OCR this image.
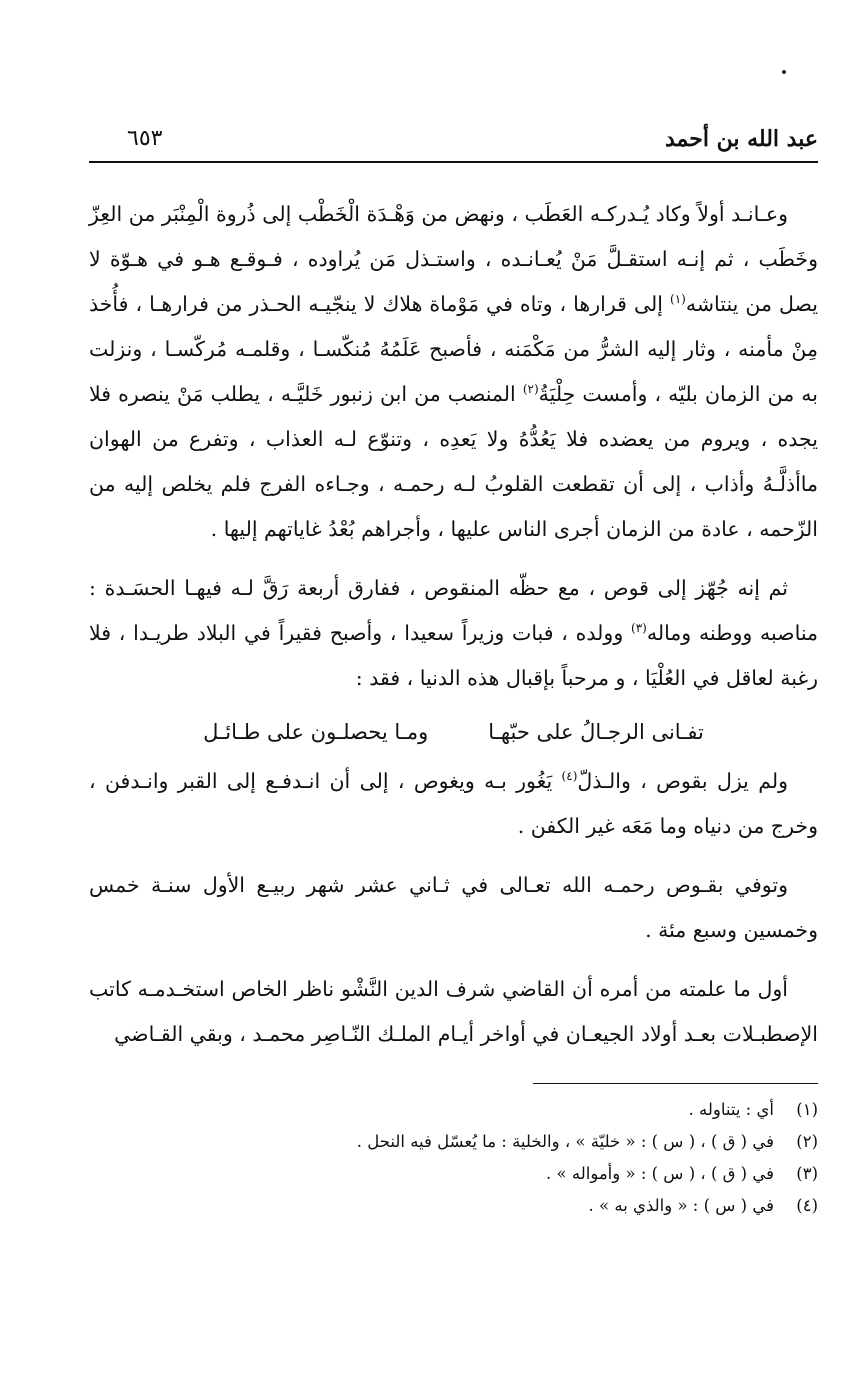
عبد الله بن أحمد
٦٥٣

وعـانـد أولاً وكاد يُـدركـه العَطَب ، ونهض من وَهْـدَة الْخَطْب إلى ذُروة الْمِنْبَر من العِزّ وخَطَب ، ثم إنـه استقـلَّ مَنْ يُعـانـده ، واستـذل مَن يُراوده ، فـوقـع هـو في هـوّة لا يصل من ينتاشه$^{(١)}$ إلى قرارها ، وتاه في مَوْماة هلاك لا ينجّيـه الحـذر من فرارهـا ، فأُخذ مِنْ مأمنه ، وثار إليه الشرُّ من مَكْمَنه ، فأصبح عَلَمُهُ مُنكّسـا ، وقلمـه مُركّسـا ، ونزلت به من الزمان بليّه ، وأمست حِلْيَةُ$^{(٢)}$ المنصب من ابن زنبور خَليَّـه ، يطلب مَنْ ينصره فلا يجده ، ويروم من يعضده فلا يَعُدُّهُ ولا يَعدِه ، وتنوّع لـه العذاب ، وتفرع من الهوان ماأذلَّـهُ وأذاب ، إلى أن تقطعت القلوبُ لـه رحمـه ، وجـاءه الفرج فلم يخلص إليه من الزّحمه ، عادة من الزمان أجرى الناس عليها ، وأجراهم بُعْدُ غاياتهم إليها .

ثم إنه جُهّز إلى قوص ، مع حظّه المنقوص ، ففارق أربعة رَقَّ لـه فيهـا الحسَـدة : مناصبه ووطنه وماله$^{(٣)}$ وولده ، فبات وزيراً سعيدا ، وأصبح فقيراً في البلاد طريـدا ، فلا رغبة لعاقل في العُلْيَا ، و مرحباً بإقبال هذه الدنيا ، فقد :

تفـانى الرجـالُ على حبّهـا
ومـا يحصلـون على طـائـل

ولم يزل بقوص ، والـذلّ$^{(٤)}$ يَغُور بـه ويغوص ، إلى أن انـدفـع إلى القبر وانـدفن ، وخرج من دنياه وما مَعَه غير الكفن .

وتوفي بقـوص رحمـه الله تعـالى في ثـاني عشر شهر ربيـع الأول سنـة خمس وخمسين وسبع مئة .

أول ما علمته من أمره أن القاضي شرف الدين النَّشْو ناظر الخاص استخـدمـه كاتب الإصطبـلات بعـد أولاد الجيعـان في أواخر أيـام الملـك النّـاصِر محمـد ، وبقي القـاضي

(١)
أي : يتناوله .
(٢)
في ( ق ) ، ( س ) : « خليّة » ، والخلية : ما يُعسّل فيه النحل .
(٣)
في ( ق ) ، ( س ) : « وأمواله » .
(٤)
في ( س ) : « والذي به » .
